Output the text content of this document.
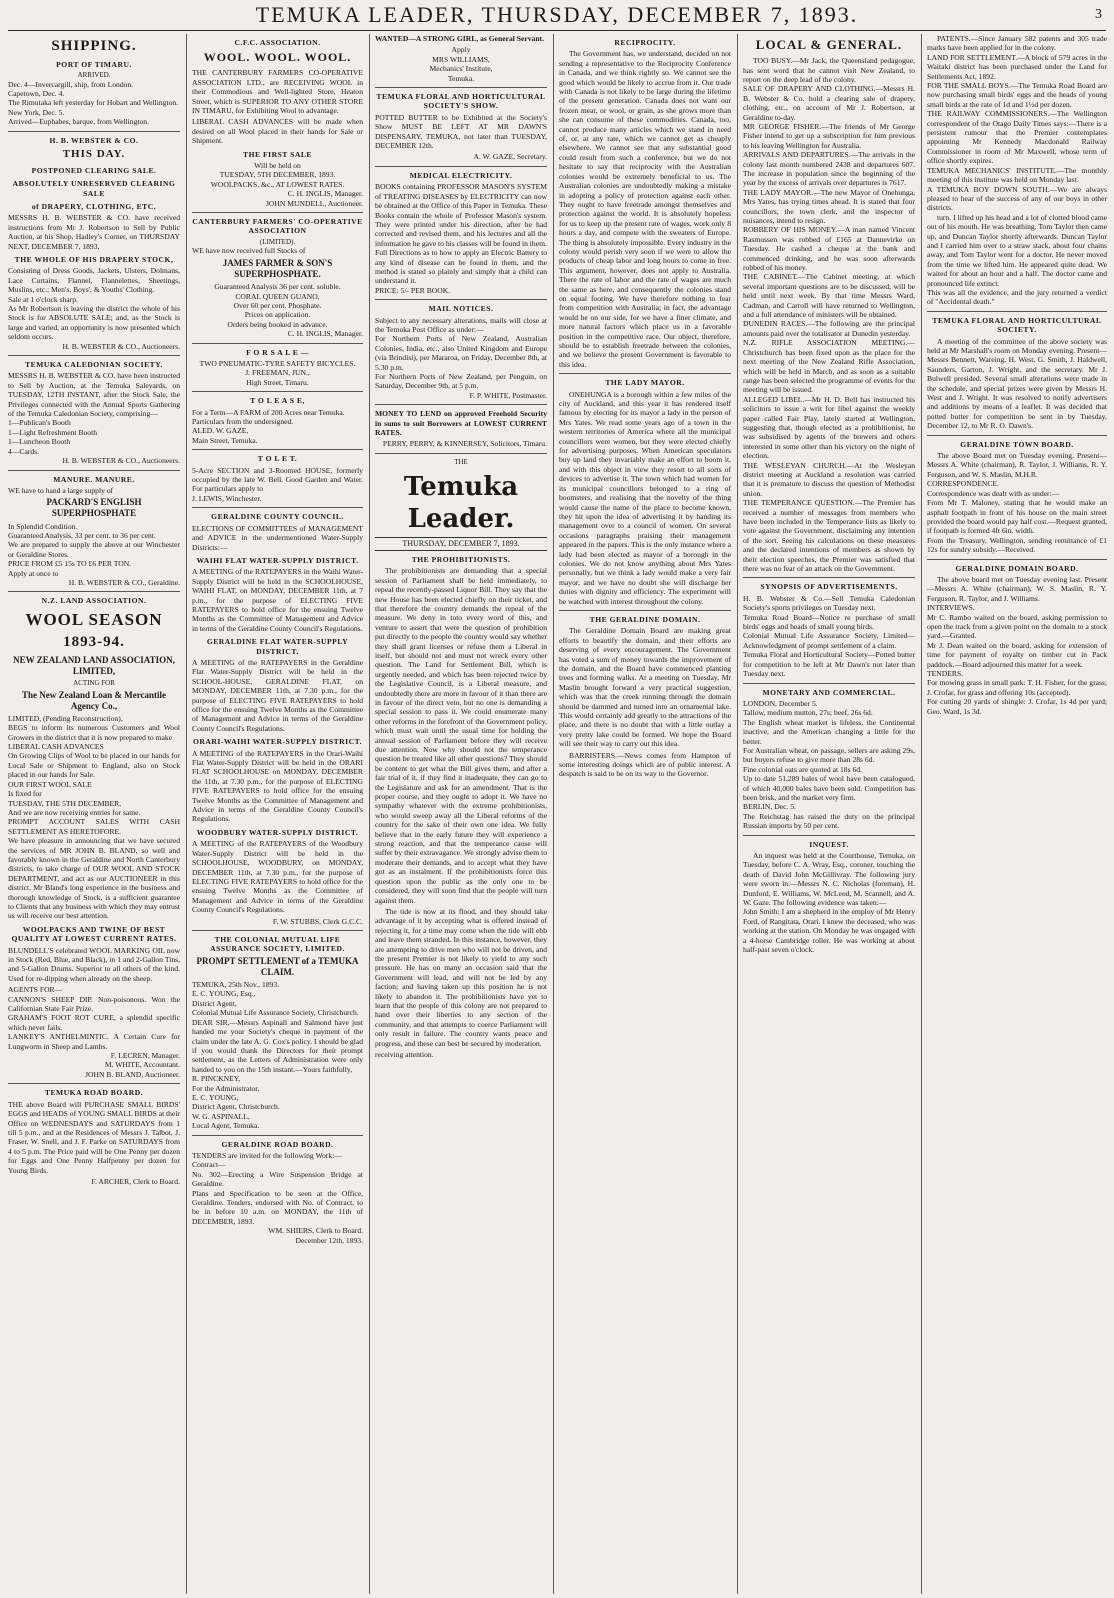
TEMUKA LEADER, THURSDAY, DECEMBER 7, 1893.	3
SHIPPING.
PORT OF TIMARU.
ARRIVED.
Dec. 4—Invercargill, ship, from London.
Capetown, Dec. 4.
The Rimutaka left yesterday for Hobart and Wellington.
New York, Dec. 5.
Arrived—Euphabes, barque, from Wellington.
H. B. WEBSTER & CO.
THIS DAY.
POSTPONED CLEARING SALE.
ABSOLUTELY UNRESERVED CLEARING SALE
of DRAPERY, CLOTHING, ETC.

MESSRS H. B. WEBSTER & CO. have received instructions from Mr J. Robertson to Sell by Public Auction, at his Shop, Hadley's Corner, on THURSDAY NEXT, DECEMBER 7, 1893,

THE WHOLE OF HIS DRAPERY STOCK,
Consisting of Dress Goods, Jackets, Ulsters, Dolmans, Lace Curtains, Flannel, Flannelettes, Sheetings, Muslins, etc.; Men's, Boys', & Youths' Clothing.
Sale at 1 o'clock sharp.
As Mr Robertson is leaving the district the whole of his Stock is for ABSOLUTE SALE; and, as the Stock is large and varied, an opportunity is now presented which seldom occurs.
H. B. WEBSTER & CO., Auctioneers.
TEMUKA CALEDONIAN SOCIETY.
MESSRS H. B. WEBSTER & CO. have been instructed to Sell by Auction, at the Temuka Saleyards, on TUESDAY, 12TH INSTANT, after the Stock Sale, the Privileges connected with the Annual Sports Gathering of the Temuka Caledonian Society, comprising—
1—Publican's Booth
1—Light Refreshment Booth
1—Luncheon Booth
4—Cards.
H. B. WEBSTER & CO., Auctioneers.
MANURE. MANURE.

WE have to hand a large supply of

PACKARD'S ENGLISH SUPERPHOSPHATE
In Splendid Condition.
Guaranteed Analysis, 33 per cent. to 36 per cent.
We are prepared to supply the above at our Winchester or Geraldine Stores.
PRICE FROM £5 15s TO £6 PER TON.
Apply at once to
H. B. WEBSTER & CO., Geraldine.
N.Z. LAND ASSOCIATION.
WOOL SEASON
1893-94.
NEW ZEALAND LAND ASSOCIATION, LIMITED,
ACTING FOR
The New Zealand Loan & Mercantile Agency Co.,
LIMITED, (Pending Reconstruction),
BEGS to inform its numerous Customers and Wool Growers in the district that it is now prepared to make
LIBERAL CASH ADVANCES
On Growing Clips of Wool to be placed in our hands for Local Sale or Shipment to England, also on Stock placed in our hands for Sale.
OUR FIRST WOOL SALE
Is fixed for
TUESDAY, THE 5TH DECEMBER,
And we are now receiving entries for same.
PROMPT ACCOUNT SALES WITH CASH SETTLEMENT AS HERETOFORE.
We have pleasure in announcing that we have secured the services of MR JOHN B. BLAND, so well and favorably known in the Geraldine and North Canterbury districts, to take charge of OUR WOOL AND STOCK DEPARTMENT, and act as our AUCTIONEER in this district. Mr Bland's long experience in the business and thorough knowledge of Stock, is a sufficient guarantee to Clients that any business with which they may entrust us will receive our best attention.
WOOLPACKS AND TWINE OF BEST QUALITY AT LOWEST CURRENT RATES.

BLUNDELL'S celebrated WOOL MARKING OIL now in Stock (Red, Blue, and Black), in 1 and 2-Gallon Tins, and 5-Gallon Drums. Superior to all others of the kind. Used for re-dipping when already on the sheep.

AGENTS FOR—
CANNON'S SHEEP DIP. Non-poisonous. Won the Californian State Fair Prize.
GRAHAM'S FOOT ROT CURE, a splendid specific which never fails.
LANKEY'S ANTHELMINTIC. A Certain Cure for Lungworm in Sheep and Lambs.
F. LECREN, Manager.
M. WHITE, Accountant.
JOHN B. BLAND, Auctioneer.
TEMUKA ROAD BOARD.

THE above Board will PURCHASE SMALL BIRDS' EGGS and HEADS of YOUNG SMALL BIRDS at their Office on WEDNESDAYS and SATURDAYS from 1 till 5 p.m., and at the Residences of Messrs J. Talbot, J. Fraser, W. Snell, and J. F. Parke on SATURDAYS from 4 to 5 p.m. The Price paid will be One Penny per dozen for Eggs and One Penny Halfpenny per dozen for Young Birds.

F. ARCHER, Clerk to Board.
C.F.C. ASSOCIATION.
WOOL. WOOL. WOOL.

THE CANTERBURY FARMERS CO-OPERATIVE ASSOCIATION LTD., are RECEIVING WOOL in their Commodious and Well-lighted Store, Heaton Street, which is SUPERIOR TO ANY OTHER STORE IN TIMARU, for Exhibiting Wool to advantage.

LIBERAL CASH ADVANCES will be made when desired on all Wool placed in their hands for Sale or Shipment.

THE FIRST SALE
Will be held on
TUESDAY, 5TH DECEMBER, 1893.
WOOLPACKS, &c., AT LOWEST RATES.
C. H. INGLIS, Manager.
JOHN MUNDELL, Auctioneer.
CANTERBURY FARMERS' CO-OPERATIVE ASSOCIATION
(LIMITED).

WE have now received full Stocks of

JAMES FARMER & SON'S SUPERPHOSPHATE.
Guaranteed Analysis 36 per cent. soluble.
CORAL QUEEN GUANO,
Over 60 per cent. Phosphate.
Prices on application.
Orders being booked in advance.
C. H. INGLIS, Manager.
F O R S A L E —
TWO PNEUMATIC-TYRE SAFETY BICYCLES.
J. FREEMAN, JUN.,
High Street, Timaru.
T O L E A S E,
For a Term—A FARM of 200 Acres near Temuka.
Particulars from the undersigned.
ALED. W. GAZE,
Main Street, Temuka.
T O L E T.
5-Acre SECTION and 3-Roomed HOUSE, formerly occupied by the late W. Bell. Good Garden and Water. For particulars apply to
J. LEWIS, Winchester.
GERALDINE COUNTY COUNCIL.

ELECTIONS OF COMMITTEES of MANAGEMENT and ADVICE in the undermentioned Water-Supply Districts:—

WAIHI FLAT WATER-SUPPLY DISTRICT.

A MEETING of the RATEPAYERS in the Waihi Water-Supply District will be held in the SCHOOLHOUSE, WAIHI FLAT, on MONDAY, DECEMBER 11th, at 7 p.m., for the purpose of ELECTING FIVE RATEPAYERS to hold office for the ensuing Twelve Months as the Committee of Management and Advice in terms of the Geraldine County Council's Regulations.

GERALDINE FLAT WATER-SUPPLY DISTRICT.

A MEETING of the RATEPAYERS in the Geraldine Flat Water-Supply District will be held in the SCHOOL-HOUSE, GERALDINE FLAT, on MONDAY, DECEMBER 11th, at 7.30 p.m., for the purpose of ELECTING FIVE RATEPAYERS to hold office for the ensuing Twelve Months as the Committee of Management and Advice in terms of the Geraldine County Council's Regulations.

ORARI-WAIHI WATER-SUPPLY DISTRICT.

A MEETING of the RATEPAYERS in the Orari-Waihi Flat Water-Supply District will be held in the ORARI FLAT SCHOOLHOUSE on MONDAY, DECEMBER the 11th, at 7.30 p.m., for the purpose of ELECTING FIVE RATEPAYERS to hold office for the ensuing Twelve Months as the Committee of Management and Advice in terms of the Geraldine County Council's Regulations.

WOODBURY WATER-SUPPLY DISTRICT.

A MEETING of the RATEPAYERS of the Woodbury Water-Supply District will be held in the SCHOOLHOUSE, WOODBURY, on MONDAY, DECEMBER 11th, at 7.30 p.m., for the purpose of ELECTING FIVE RATEPAYERS to hold office for the ensuing Twelve Months as the Committee of Management and Advice in terms of the Geraldine County Council's Regulations.

F. W. STUBBS, Clerk G.C.C.
THE COLONIAL MUTUAL LIFE ASSURANCE SOCIETY, LIMITED.
PROMPT SETTLEMENT of a TEMUKA CLAIM.
TEMUKA, 25th Nov., 1893.
E. C. YOUNG, Esq.,
District Agent,
Colonial Mutual Life Assurance Society, Christchurch.
DEAR SIR,—Messrs Aspinall and Salmond have just handed me your Society's cheque in payment of the claim under the late A. G. Cox's policy. I should be glad if you would thank the Directors for their prompt settlement, as the Letters of Administration were only handed to you on the 15th instant.—Yours faithfully,
R. PINCKNEY,
For the Administrator.
E. C. YOUNG,
District Agent, Christchurch.
W. G. ASPINALL,
Local Agent, Temuka.
GERALDINE ROAD BOARD.
TENDERS are invited for the following Work:—
Contract—
No. 302—Erecting a Wire Suspension Bridge at Geraldine.
Plans and Specification to be seen at the Office, Geraldine. Tenders, endorsed with No. of Contract, to be in before 10 a.m. on MONDAY, the 11th of DECEMBER, 1893.
WM. SHIERS, Clerk to Board.
December 12th, 1893.

WANTED—A STRONG GIRL, as General Servant.

Apply
MRS WILLIAMS,
Mechanics' Institute,
Temuka.
TEMUKA FLORAL AND HORTICULTURAL SOCIETY'S SHOW.

POTTED BUTTER to be Exhibited at the Society's Show MUST BE LEFT AT MR DAWN'S DISPENSARY, TEMUKA, not later than TUESDAY, DECEMBER 12th.

A. W. GAZE, Secretary.
MEDICAL ELECTRICITY.
BOOKS containing PROFESSOR MASON'S SYSTEM of TREATING DISEASES by ELECTRICITY can now be obtained at the Office of this Paper in Temuka. These Books contain the whole of Professor Mason's system. They were printed under his direction, after he had corrected and revised them, and his lectures and all the information he gave to his classes will be found in them.
Full Directions as to how to apply an Electric Battery to any kind of disease can be found in them, and the method is stated so plainly and simply that a child can understand it.
PRICE: 5/- PER BOOK.
MAIL NOTICES.
Subject to any necessary alterations, mails will close at the Temuka Post Office as under:—
For Northern Ports of New Zealand, Australian Colonies, India, etc., also United Kingdom and Europe (via Brindisi), per Mararoa, on Friday, December 8th, at 5.30 p.m.
For Northern Ports of New Zealand, per Penguin, on Saturday, December 9th, at 5 p.m.
F. P. WHITE, Postmaster.

MONEY TO LEND on approved Freehold Security in sums to suit Borrowers at LOWEST CURRENT RATES.

PERRY, PERRY, & KINNERSEY, Solicitors, Timaru.
THE
Temuka Leader.
THURSDAY, DECEMBER 7, 1893.
THE PROHIBITIONISTS.

The prohibitionists are demanding that a special session of Parliament shall be held immediately, to repeal the recently-passed Liquor Bill. They say that the new House has been elected chiefly on their ticket, and that therefore the country demands the repeal of the measure. We deny in toto every word of this, and venture to assert that were the question of prohibition put directly to the people the country would say whether they shall grant licenses or refuse them a Liberal in itself, but should not and must not wreck every other question. The Land for Settlement Bill, which is urgently needed, and which has been rejected twice by the Legislative Council, is a Liberal measure, and undoubtedly there are more in favour of it than there are in favour of the direct veto, but no one is demanding a special session to pass it. We could enumerate many other reforms in the forefront of the Government policy, which must wait until the usual time for holding the annual session of Parliament before they will receive due attention. Now why should not the temperance question be treated like all other questions? They should be content to get what the Bill gives them, and after a fair trial of it, if they find it inadequate, they can go to the Legislature and ask for an amendment. That is the proper course, and they ought to adopt it. We have no sympathy whatever with the extreme prohibitionists, who would sweep away all the Liberal reforms of the country for the sake of their own one idea. We fully believe that in the early future they will experience a strong reaction, and that the temperance cause will suffer by their extravagance. We strongly advise them to moderate their demands, and to accept what they have got as an instalment. If the prohibitionists force this question upon the public as the only one to be considered, they will soon find that the people will turn against them.

The tide is now at its flood, and they should take advantage of it by accepting what is offered instead of rejecting it, for a time may come when the tide will ebb and leave them stranded. In this instance, however, they are attempting to drive men who will not be driven, and the present Premier is not likely to yield to any such pressure. He has on many an occasion said that the Government will lead, and will not be led by any faction; and having taken up this position he is not likely to abandon it. The prohibitionists have yet to learn that the people of this colony are not prepared to hand over their liberties to any section of the community, and that attempts to coerce Parliament will only result in failure. The country wants peace and progress, and these can best be secured by moderation.

receiving attention.

RECIPROCITY.

The Government has, we understand, decided on not sending a representative to the Reciprocity Conference in Canada, and we think rightly so. We cannot see the good which would be likely to accrue from it. Our trade with Canada is not likely to be large during the lifetime of the present generation. Canada does not want our frozen meat, or wool, or grain, as she grows more than she can consume of these commodities. Canada, too, cannot produce many articles which we stand in need of, or, at any rate, which we cannot get as cheaply elsewhere. We cannot see that any substantial good could result from such a conference, but we do not hesitate to say that reciprocity with the Australian colonies would be extremely beneficial to us. The Australian colonies are undoubtedly making a mistake in adopting a policy of protection against each other. They ought to have freetrade amongst themselves and protection against the world. It is absolutely hopeless for us to keep up the present rate of wages, work only 8 hours a day, and compete with the sweaters of Europe. The thing is absolutely impossible. Every industry in the colony would perish very soon if we were to allow the products of cheap labor and long hours to come in free. This argument, however, does not apply to Australia. There the rate of labor and the rate of wages are much the same as here, and consequently the colonies stand on equal footing. We have therefore nothing to fear from competition with Australia; in fact, the advantage would be on our side, for we have a finer climate, and more natural factors which place us in a favorable position in the competitive race. Our object, therefore, should be to establish freetrade between the colonies, and we believe the present Government is favorable to this idea.

THE LADY MAYOR.

ONEHUNGA is a borough within a few miles of the city of Auckland, and this year it has rendered itself famous by electing for its mayor a lady in the person of Mrs Yates. We read some years ago of a town in the western territories of America where all the municipal councillors were women, but they were elected chiefly for advertising purposes. When American speculators buy up land they invariably make an effort to boom it, and with this object in view they resort to all sorts of devices to advertise it. The town which had women for its municipal councillors belonged to a ring of boomsters, and realising that the novelty of the thing would cause the name of the place to become known, they hit upon the idea of advertising it by handing its management over to a council of women. On several occasions paragraphs praising their management appeared in the papers. This is the only instance where a lady had been elected as mayor of a borough in the colonies. We do not know anything about Mrs Yates personally, but we think a lady would make a very fair mayor, and we have no doubt she will discharge her duties with dignity and efficiency. The experiment will be watched with interest throughout the colony.

THE GERALDINE DOMAIN.

The Geraldine Domain Board are making great efforts to beautify the domain, and their efforts are deserving of every encouragement. The Government has voted a sum of money towards the improvement of the domain, and the Board have commenced planting trees and forming walks. At a meeting on Tuesday, Mr Maslin brought forward a very practical suggestion, which was that the creek running through the domain should be dammed and turned into an ornamental lake. This would certainly add greatly to the attractions of the place, and there is no doubt that with a little outlay a very pretty lake could be formed. We hope the Board will see their way to carry out this idea.

BARRISTERS.—News comes from Hampton of some interesting doings which are of public interest. A despatch is said to be on its way to the Governor.

LOCAL & GENERAL.
TOO BUSY.—Mr Jack, the Queensland pedagogue, has sent word that he cannot visit New Zealand, to report on the deep lead of the colony.
SALE OF DRAPERY AND CLOTHING.—Messrs H. B. Webster & Co. hold a clearing sale of drapery, clothing, etc., on account of Mr J. Robertson, at Geraldine to-day.
MR GEORGE FISHER.—The friends of Mr George Fisher intend to get up a subscription for him previous to his leaving Wellington for Australia.
ARRIVALS AND DEPARTURES.—The arrivals in the colony last month numbered 2438 and departures 607. The increase in population since the beginning of the year by the excess of arrivals over departures is 7617.
THE LADY MAYOR.—The new Mayor of Onehunga, Mrs Yates, has trying times ahead. It is stated that four councillors, the town clerk, and the inspector of nuisances, intend to resign.
ROBBERY OF HIS MONEY.—A man named Vincent Rasmussen was robbed of £165 at Dannevirke on Tuesday. He cashed a cheque at the bank and commenced drinking, and he was soon afterwards robbed of his money.
THE CABINET.—The Cabinet meeting, at which several important questions are to be discussed, will be held until next week. By that time Messrs Ward, Cadman, and Carroll will have returned to Wellington, and a full attendance of ministers will be obtained.
DUNEDIN RACES.—The following are the principal amounts paid over the totalisator at Dunedin yesterday.
N.Z. RIFLE ASSOCIATION MEETING.—Christchurch has been fixed upon as the place for the next meeting of the New Zealand Rifle Association, which will be held in March, and as soon as a suitable range has been selected the programme of events for the meeting will be issued.
ALLEGED LIBEL.—Mr H. D. Bell has instructed his solicitors to issue a writ for libel against the weekly paper called Fair Play, lately started at Wellington, suggesting that, though elected as a prohibitionist, he was subsidised by agents of the brewers and others interested in some other than his victory on the night of election.
THE WESLEYAN CHURCH.—At the Wesleyan district meeting at Auckland a resolution was carried that it is premature to discuss the question of Methodist union.
THE TEMPERANCE QUESTION.—The Premier has received a number of messages from members who have been included in the Temperance lists as likely to vote against the Government, disclaiming any intention of the sort. Seeing his calculations on these measures and the declared intentions of members as shown by their election speeches, the Premier was satisfied that there was no fear of an attack on the Government.
SYNOPSIS OF ADVERTISEMENTS.
H. B. Webster & Co.—Sell Temuka Caledonian Society's sports privileges on Tuesday next.
Temuka Road Board—Notice re purchase of small birds' eggs and heads of small young birds.
Colonial Mutual Life Assurance Society, Limited—Acknowledgment of prompt settlement of a claim.
Temuka Floral and Horticultural Society—Potted butter for competition to be left at Mr Dawn's not later than Tuesday next.
MONETARY AND COMMERCIAL.
LONDON, December 5.
Tallow, medium mutton, 27s; beef, 26s 6d.
The English wheat market is lifeless, the Continental inactive, and the American changing a little for the better.
For Australian wheat, on passage, sellers are asking 29s, but buyers refuse to give more than 28s 6d.
Fine colonial oats are quoted at 18s 6d.
Up to date 51,289 bales of wool have been catalogued, of which 40,000 bales have been sold. Competition has been brisk, and the market very firm.
BERLIN, Dec. 5.
The Reichstag has raised the duty on the principal Russian imports by 50 per cent.
INQUEST.
An inquest was held at the Courthouse, Temuka, on Tuesday, before C. A. Wray, Esq., coroner, touching the death of David John McGillivray. The following jury were sworn in:—Messrs N. C. Nicholas (foreman), H. Dunford, E. Williams, W. McLeod, M. Scannell, and A. W. Gaze. The following evidence was taken:—
John Smith: I am a shepherd in the employ of Mr Henry Ford, of Rangitata, Orari. I knew the deceased, who was working at the station. On Monday he was engaged with a 4-horse Cambridge roller. He was working at about half-past seven o'clock.
PATENTS.—Since January 582 patents and 305 trade marks have been applied for in the colony.
LAND FOR SETTLEMENT.—A block of 579 acres in the Waitaki district has been purchased under the Land for Settlements Act, 1892.
FOR THE SMALL BOYS.—The Temuka Road Board are now purchasing small birds' eggs and the heads of young small birds at the rate of 1d and 1½d per dozen.
THE RAILWAY COMMISSIONERS.—The Wellington correspondent of the Otago Daily Times says:—There is a persistent rumour that the Premier contemplates appointing Mr Kennedy Macdonald Railway Commissioner in room of Mr Maxwell, whose term of office shortly expires.
TEMUKA MECHANICS' INSTITUTE.—The monthly meeting of this institute was held on Monday last.
A TEMUKA BOY DOWN SOUTH.—We are always pleased to hear of the success of any of our boys in other districts.
turn. I lifted up his head and a lot of clotted blood came out of his mouth. He was breathing. Tom Taylor then came up, and Duncan Taylor shortly afterwards. Duncan Taylor and I carried him over to a straw stack, about four chains away, and Tom Taylor went for a doctor. He never moved from the time we lifted him. He appeared quite dead. We waited for about an hour and a half. The doctor came and pronounced life extinct.
This was all the evidence, and the jury returned a verdict of "Accidental death."
TEMUKA FLORAL AND HORTICULTURAL SOCIETY.

A meeting of the committee of the above society was held at Mr Marshall's room on Monday evening. Present—Messrs Bennett, Wareing, H. West, G. Smith, J. Haldwell, Saunders, Garton, J. Wright, and the secretary. Mr J. Bulwell presided. Several small alterations were made in the schedule, and special prizes were given by Messrs H. West and J. Wright. It was resolved to notify advertisers and additions by means of a leaflet. It was decided that potted butter for competition be sent in by Tuesday, December 12, to Mr R. O. Dawn's.

GERALDINE TOWN BOARD.
The above Board met on Tuesday evening. Present—Messrs A. White (chairman), R. Taylor, J. Williams, R. Y. Ferguson, and W. S. Maslin, M.H.R.
CORRESPONDENCE.
Correspondence was dealt with as under:—
From Mr T. Maloney, stating that he would make an asphalt footpath in front of his house on the main street provided the board would pay half cost.—Request granted, if footpath is formed 4ft 6in. width.
From the Treasury, Wellington, sending remittance of £1 12s for sundry subsidy.—Received.
GERALDINE DOMAIN BOARD.
The above board met on Tuesday evening last. Present—Messrs A. White (chairman), W. S. Maslin, R. Y. Ferguson, R. Taylor, and J. Williams.
INTERVIEWS.
Mr C. Rambo waited on the board, asking permission to open the track from a given point on the domain to a stock yard.—Granted.
Mr J. Dean waited on the board, asking for extension of time for payment of royalty on timber cut in Pack paddock.—Board adjourned this matter for a week.
TENDERS.
For mowing grass in small park: T. H. Fisher, for the grass; J. Crofar, for grass and offering 10s (accepted).
For cutting 20 yards of shingle: J. Crofar, 1s 4d per yard; Geo. Ward, 1s 3d.
